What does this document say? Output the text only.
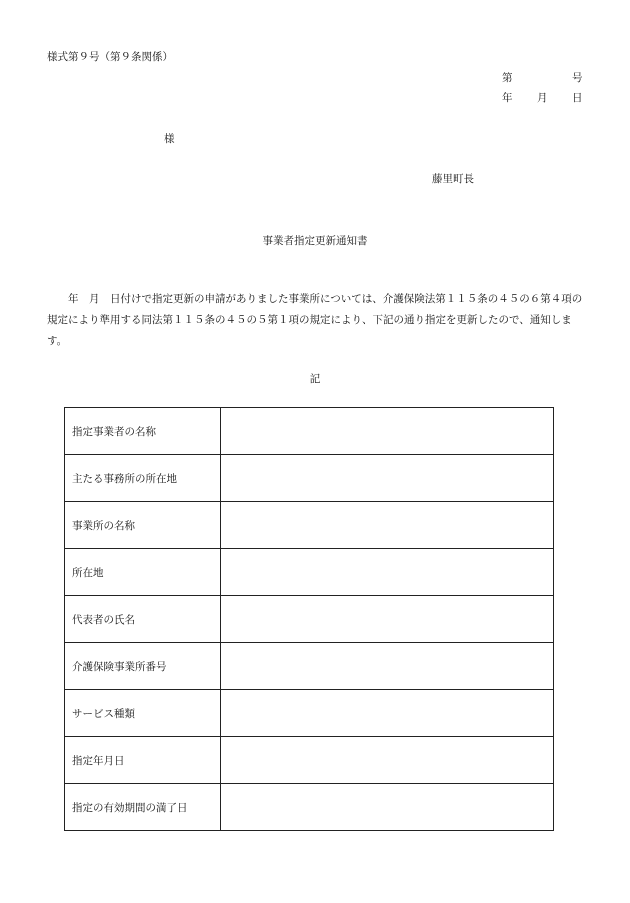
様式第９号（第９条関係）
第	号
年 月 日
様
藤里町長
事業者指定更新通知書
年　月　日付けで指定更新の申請がありました事業所については、介護保険法第１１５条の４５の６第４項の規定により準用する同法第１１５条の４５の５第１項の規定により、下記の通り指定を更新したので、通知します。
記
指定事業者の名称	
主たる事務所の所在地	
事業所の名称	
所在地	
代表者の氏名	
介護保険事業所番号	
サービス種類	
指定年月日	
指定の有効期間の満了日	
